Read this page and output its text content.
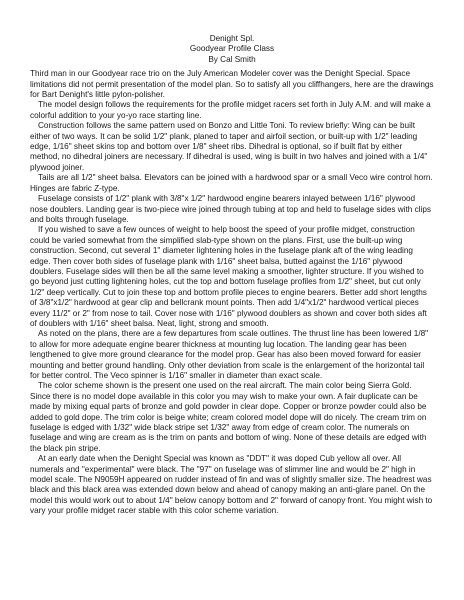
Denight Spl.
Goodyear Profile Class
By Cal Smith

Third man in our Goodyear race trio on the July American Modeler cover was the Denight Special. Space limitations did not permit presentation of the model plan. So to satisfy all you cliffhangers, here are the drawings for Bart Denight's little pylon-polisher.

The model design follows the requirements for the profile midget racers set forth in July A.M. and will make a colorful addition to your yo-yo race starting line.

Construction follows the same pattern used on Bonzo and Little Toni. To review briefly: Wing can be built either of two ways. It can be solid 1/2" plank, planed to taper and airfoil section, or built-up with 1/2" leading edge, 1/16" sheet skins top and bottom over 1/8" sheet ribs. Dihedral is optional, so if built flat by either method, no dihedral joiners are necessary. If dihedral is used, wing is built in two halves and joined with a 1/4" plywood joiner.

Tails are all 1/2" sheet balsa. Elevators can be joined with a hardwood spar or a small Veco wire control horn. Hinges are fabric Z-type.

Fuselage consists of 1/2" plank with 3/8"x 1/2" hardwood engine bearers inlayed between 1/16" plywood nose doublers. Landing gear is two-piece wire joined through tubing at top and held to fuselage sides with clips and bolts through fuselage.

If you wished to save a few ounces of weight to help boost the speed of your profile midget, construction could be varied somewhat from the simplified slab-type shown on the plans. First, use the built-up wing construction. Second, cut several 1" diameter lightening holes in the fuselage plank aft of the wing leading edge. Then cover both sides of fuselage plank with 1/16" sheet balsa, butted against the 1/16" plywood doublers. Fuselage sides will then be all the same level making a smoother, lighter structure. If you wished to go beyond just cutting lightening holes, cut the top and bottom fuselage profiles from 1/2" sheet, but cut only 1/2" deep vertically. Cut to join these top and bottom profile pieces to engine bearers. Better add short lengths of 3/8"x1/2" hardwood at gear clip and bellcrank mount points. Then add 1/4"x1/2" hardwood vertical pieces every 11/2" or 2" from nose to tail. Cover nose with 1/16" plywood doublers as shown and cover both sides aft of doublers with 1/16" sheet balsa. Neat, light, strong and smooth.

As noted on the plans, there are a few departures from scale outlines. The thrust line has been lowered 1/8" to allow for more adequate engine bearer thickness at mounting lug location. The landing gear has been lengthened to give more ground clearance for the model prop. Gear has also been moved forward for easier mounting and better ground handling. Only other deviation from scale is the enlargement of the horizontal tail for better control. The Veco spinner is 1/16" smaller in diameter than exact scale.

The color scheme shown is the present one used on the real aircraft. The main color being Sierra Gold. Since there is no model dope available in this color you may wish to make your own. A fair duplicate can be made by mixing equal parts of bronze and gold powder in clear dope. Copper or bronze powder could also be added to gold dope. The trim color is beige white; cream colored model dope will do nicely. The cream trim on fuselage is edged with 1/32" wide black stripe set 1/32" away from edge of cream color. The numerals on fuselage and wing are cream as is the trim on pants and bottom of wing. None of these details are edged with the black pin stripe.

At an early date when the Denight Special was known as "DDT" it was doped Cub yellow all over. All numerals and "experimental" were black. The "97" on fuselage was of slimmer line and would be 2" high in model scale. The N9059H appeared on rudder instead of fin and was of slightly smaller size. The headrest was black and this black area was extended down below and ahead of canopy making an anti-glare panel. On the model this would work out to about 1/4" below canopy bottom and 2" forward of canopy front. You might wish to vary your profile midget racer stable with this color scheme variation.
